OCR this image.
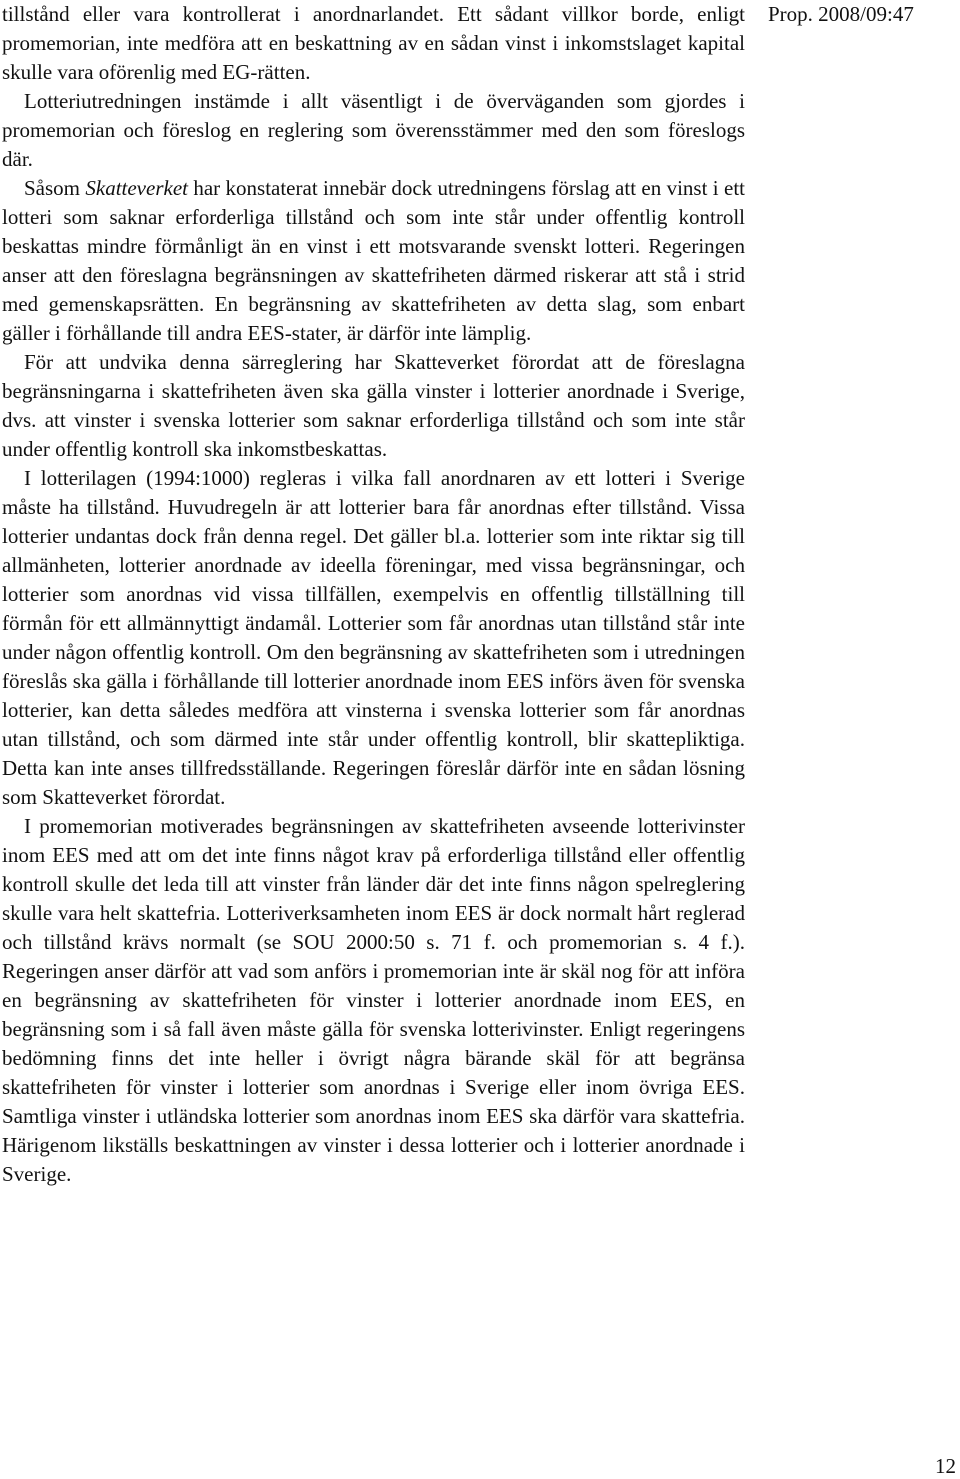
Prop. 2008/09:47

tillstånd eller vara kontrollerat i anordnarlandet. Ett sådant villkor borde, enligt promemorian, inte medföra att en beskattning av en sådan vinst i inkomstslaget kapital skulle vara oförenlig med EG-rätten.

Lotteriutredningen instämde i allt väsentligt i de överväganden som gjordes i promemorian och föreslog en reglering som överensstämmer med den som föreslogs där.

Såsom Skatteverket har konstaterat innebär dock utredningens förslag att en vinst i ett lotteri som saknar erforderliga tillstånd och som inte står under offentlig kontroll beskattas mindre förmånligt än en vinst i ett motsvarande svenskt lotteri. Regeringen anser att den föreslagna begränsningen av skattefriheten därmed riskerar att stå i strid med gemenskapsrätten. En begränsning av skattefriheten av detta slag, som enbart gäller i förhållande till andra EES-stater, är därför inte lämplig.

För att undvika denna särreglering har Skatteverket förordat att de föreslagna begränsningarna i skattefriheten även ska gälla vinster i lotterier anordnade i Sverige, dvs. att vinster i svenska lotterier som saknar erforderliga tillstånd och som inte står under offentlig kontroll ska inkomstbeskattas.

I lotterilagen (1994:1000) regleras i vilka fall anordnaren av ett lotteri i Sverige måste ha tillstånd. Huvudregeln är att lotterier bara får anordnas efter tillstånd. Vissa lotterier undantas dock från denna regel. Det gäller bl.a. lotterier som inte riktar sig till allmänheten, lotterier anordnade av ideella föreningar, med vissa begränsningar, och lotterier som anordnas vid vissa tillfällen, exempelvis en offentlig tillställning till förmån för ett allmännyttigt ändamål. Lotterier som får anordnas utan tillstånd står inte under någon offentlig kontroll. Om den begränsning av skattefriheten som i utredningen föreslås ska gälla i förhållande till lotterier anordnade inom EES införs även för svenska lotterier, kan detta således medföra att vinsterna i svenska lotterier som får anordnas utan tillstånd, och som därmed inte står under offentlig kontroll, blir skattepliktiga. Detta kan inte anses tillfredsställande. Regeringen föreslår därför inte en sådan lösning som Skatteverket förordat.

I promemorian motiverades begränsningen av skattefriheten avseende lotterivinster inom EES med att om det inte finns något krav på erforderliga tillstånd eller offentlig kontroll skulle det leda till att vinster från länder där det inte finns någon spelreglering skulle vara helt skattefria. Lotteriverksamheten inom EES är dock normalt hårt reglerad och tillstånd krävs normalt (se SOU 2000:50 s. 71 f. och promemorian s. 4 f.). Regeringen anser därför att vad som anförs i promemorian inte är skäl nog för att införa en begränsning av skattefriheten för vinster i lotterier anordnade inom EES, en begränsning som i så fall även måste gälla för svenska lotterivinster. Enligt regeringens bedömning finns det inte heller i övrigt några bärande skäl för att begränsa skattefriheten för vinster i lotterier som anordnas i Sverige eller inom övriga EES. Samtliga vinster i utländska lotterier som anordnas inom EES ska därför vara skattefria. Härigenom likställs beskattningen av vinster i dessa lotterier och i lotterier anordnade i Sverige.

12
